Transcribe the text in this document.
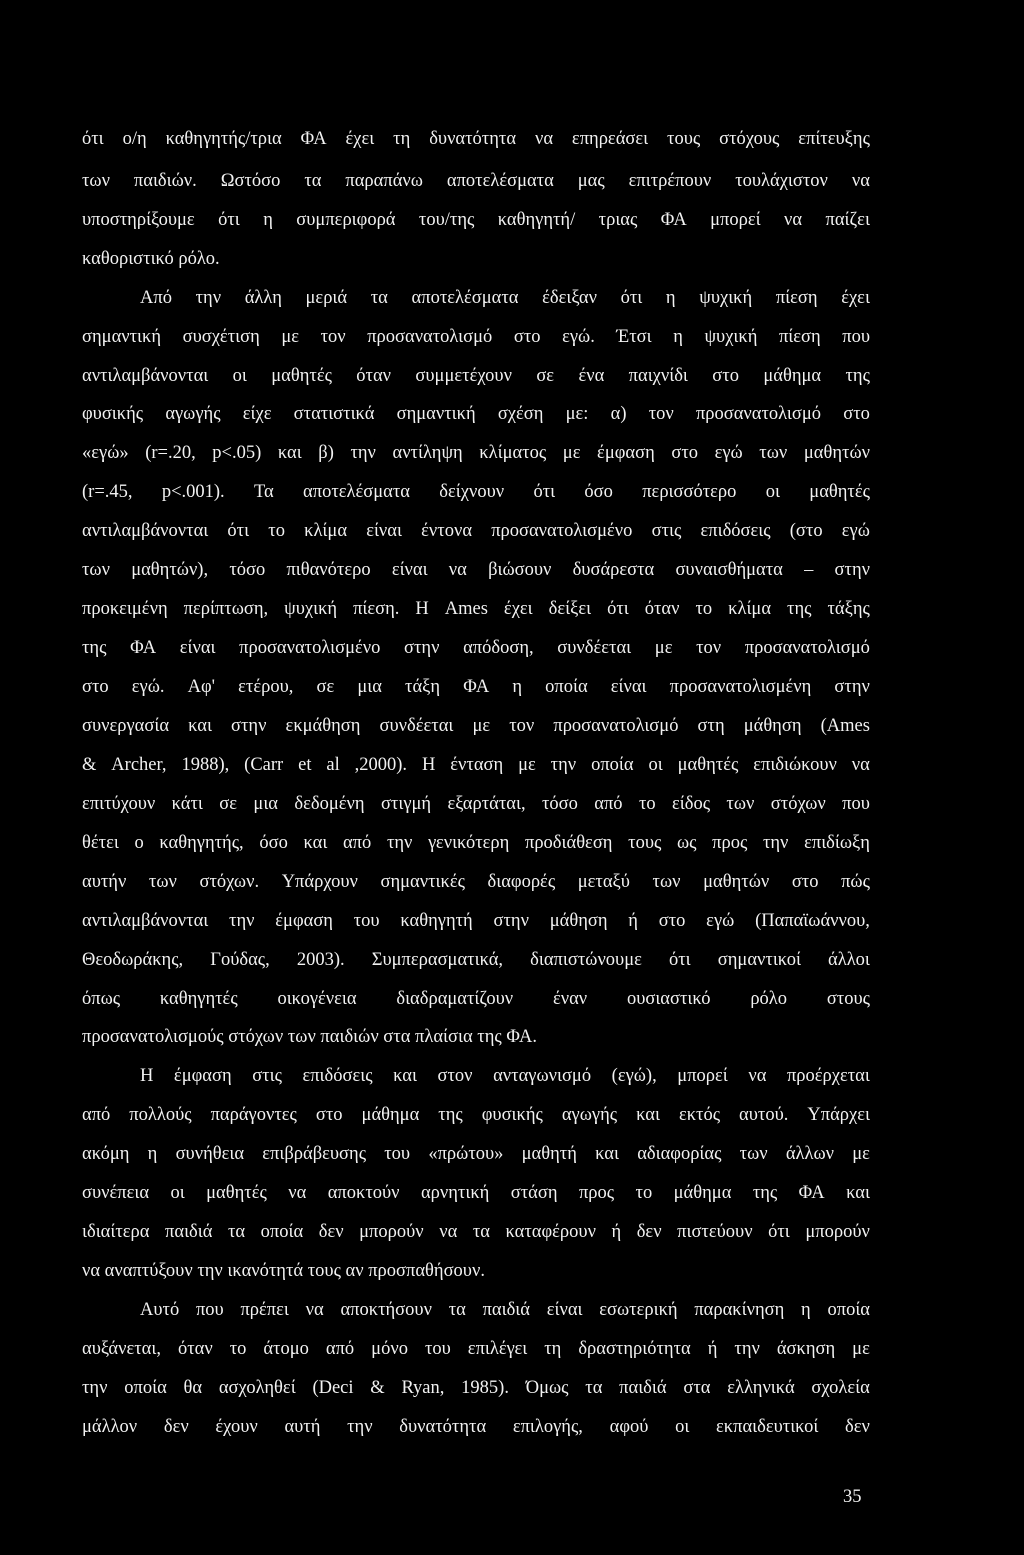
ότι ο/η καθηγητής/τρια ΦΑ έχει τη δυνατότητα να επηρεάσει τους στόχους επίτευξης
των παιδιών. Ωστόσο τα παραπάνω αποτελέσματα μας επιτρέπουν τουλάχιστον να
υποστηρίξουμε ότι η συμπεριφορά του/της καθηγητή/ τριας ΦΑ μπορεί να παίζει
καθοριστικό ρόλο.
Από την άλλη μεριά τα αποτελέσματα έδειξαν ότι η ψυχική πίεση έχει
σημαντική συσχέτιση με τον προσανατολισμό στο εγώ. Έτσι η ψυχική πίεση που
αντιλαμβάνονται οι μαθητές όταν συμμετέχουν σε ένα παιχνίδι στο μάθημα της
φυσικής αγωγής είχε στατιστικά σημαντική σχέση με: α) τον προσανατολισμό στο
«εγώ» (r=.20, p<.05) και β) την αντίληψη κλίματος με έμφαση στο εγώ των μαθητών
(r=.45, p<.001). Τα αποτελέσματα δείχνουν ότι όσο περισσότερο οι μαθητές
αντιλαμβάνονται ότι το κλίμα είναι έντονα προσανατολισμένο στις επιδόσεις (στο εγώ
των μαθητών), τόσο πιθανότερο είναι να βιώσουν δυσάρεστα συναισθήματα – στην
προκειμένη περίπτωση, ψυχική πίεση. Η Ames έχει δείξει ότι όταν το κλίμα της τάξης
της ΦΑ είναι προσανατολισμένο στην απόδοση, συνδέεται με τον προσανατολισμό
στο εγώ. Αφ' ετέρου, σε μια τάξη ΦΑ η οποία είναι προσανατολισμένη στην
συνεργασία και στην εκμάθηση συνδέεται με τον προσανατολισμό στη μάθηση (Ames
& Archer, 1988), (Carr et al ,2000). Η ένταση με την οποία οι μαθητές επιδιώκουν να
επιτύχουν κάτι σε μια δεδομένη στιγμή εξαρτάται, τόσο από το είδος των στόχων που
θέτει ο καθηγητής, όσο και από την γενικότερη προδιάθεση τους ως προς την επιδίωξη
αυτήν των στόχων. Υπάρχουν σημαντικές διαφορές μεταξύ των μαθητών στο πώς
αντιλαμβάνονται την έμφαση του καθηγητή στην μάθηση ή στο εγώ (Παπαϊωάννου,
Θεοδωράκης, Γούδας, 2003). Συμπερασματικά, διαπιστώνουμε ότι σημαντικοί άλλοι
όπως καθηγητές οικογένεια διαδραματίζουν έναν ουσιαστικό ρόλο στους
προσανατολισμούς στόχων των παιδιών στα πλαίσια της ΦΑ.
Η έμφαση στις επιδόσεις και στον ανταγωνισμό (εγώ), μπορεί να προέρχεται
από πολλούς παράγοντες στο μάθημα της φυσικής αγωγής και εκτός αυτού. Υπάρχει
ακόμη η συνήθεια επιβράβευσης του «πρώτου» μαθητή και αδιαφορίας των άλλων με
συνέπεια οι μαθητές να αποκτούν αρνητική στάση προς το μάθημα της ΦΑ και
ιδιαίτερα παιδιά τα οποία δεν μπορούν να τα καταφέρουν ή δεν πιστεύουν ότι μπορούν
να αναπτύξουν την ικανότητά τους αν προσπαθήσουν.
Αυτό που πρέπει να αποκτήσουν τα παιδιά είναι εσωτερική παρακίνηση η οποία
αυξάνεται, όταν το άτομο από μόνο του επιλέγει τη δραστηριότητα ή την άσκηση με
την οποία θα ασχοληθεί (Deci & Ryan, 1985). Όμως τα παιδιά στα ελληνικά σχολεία
μάλλον δεν έχουν αυτή την δυνατότητα επιλογής, αφού οι εκπαιδευτικοί δεν
35
